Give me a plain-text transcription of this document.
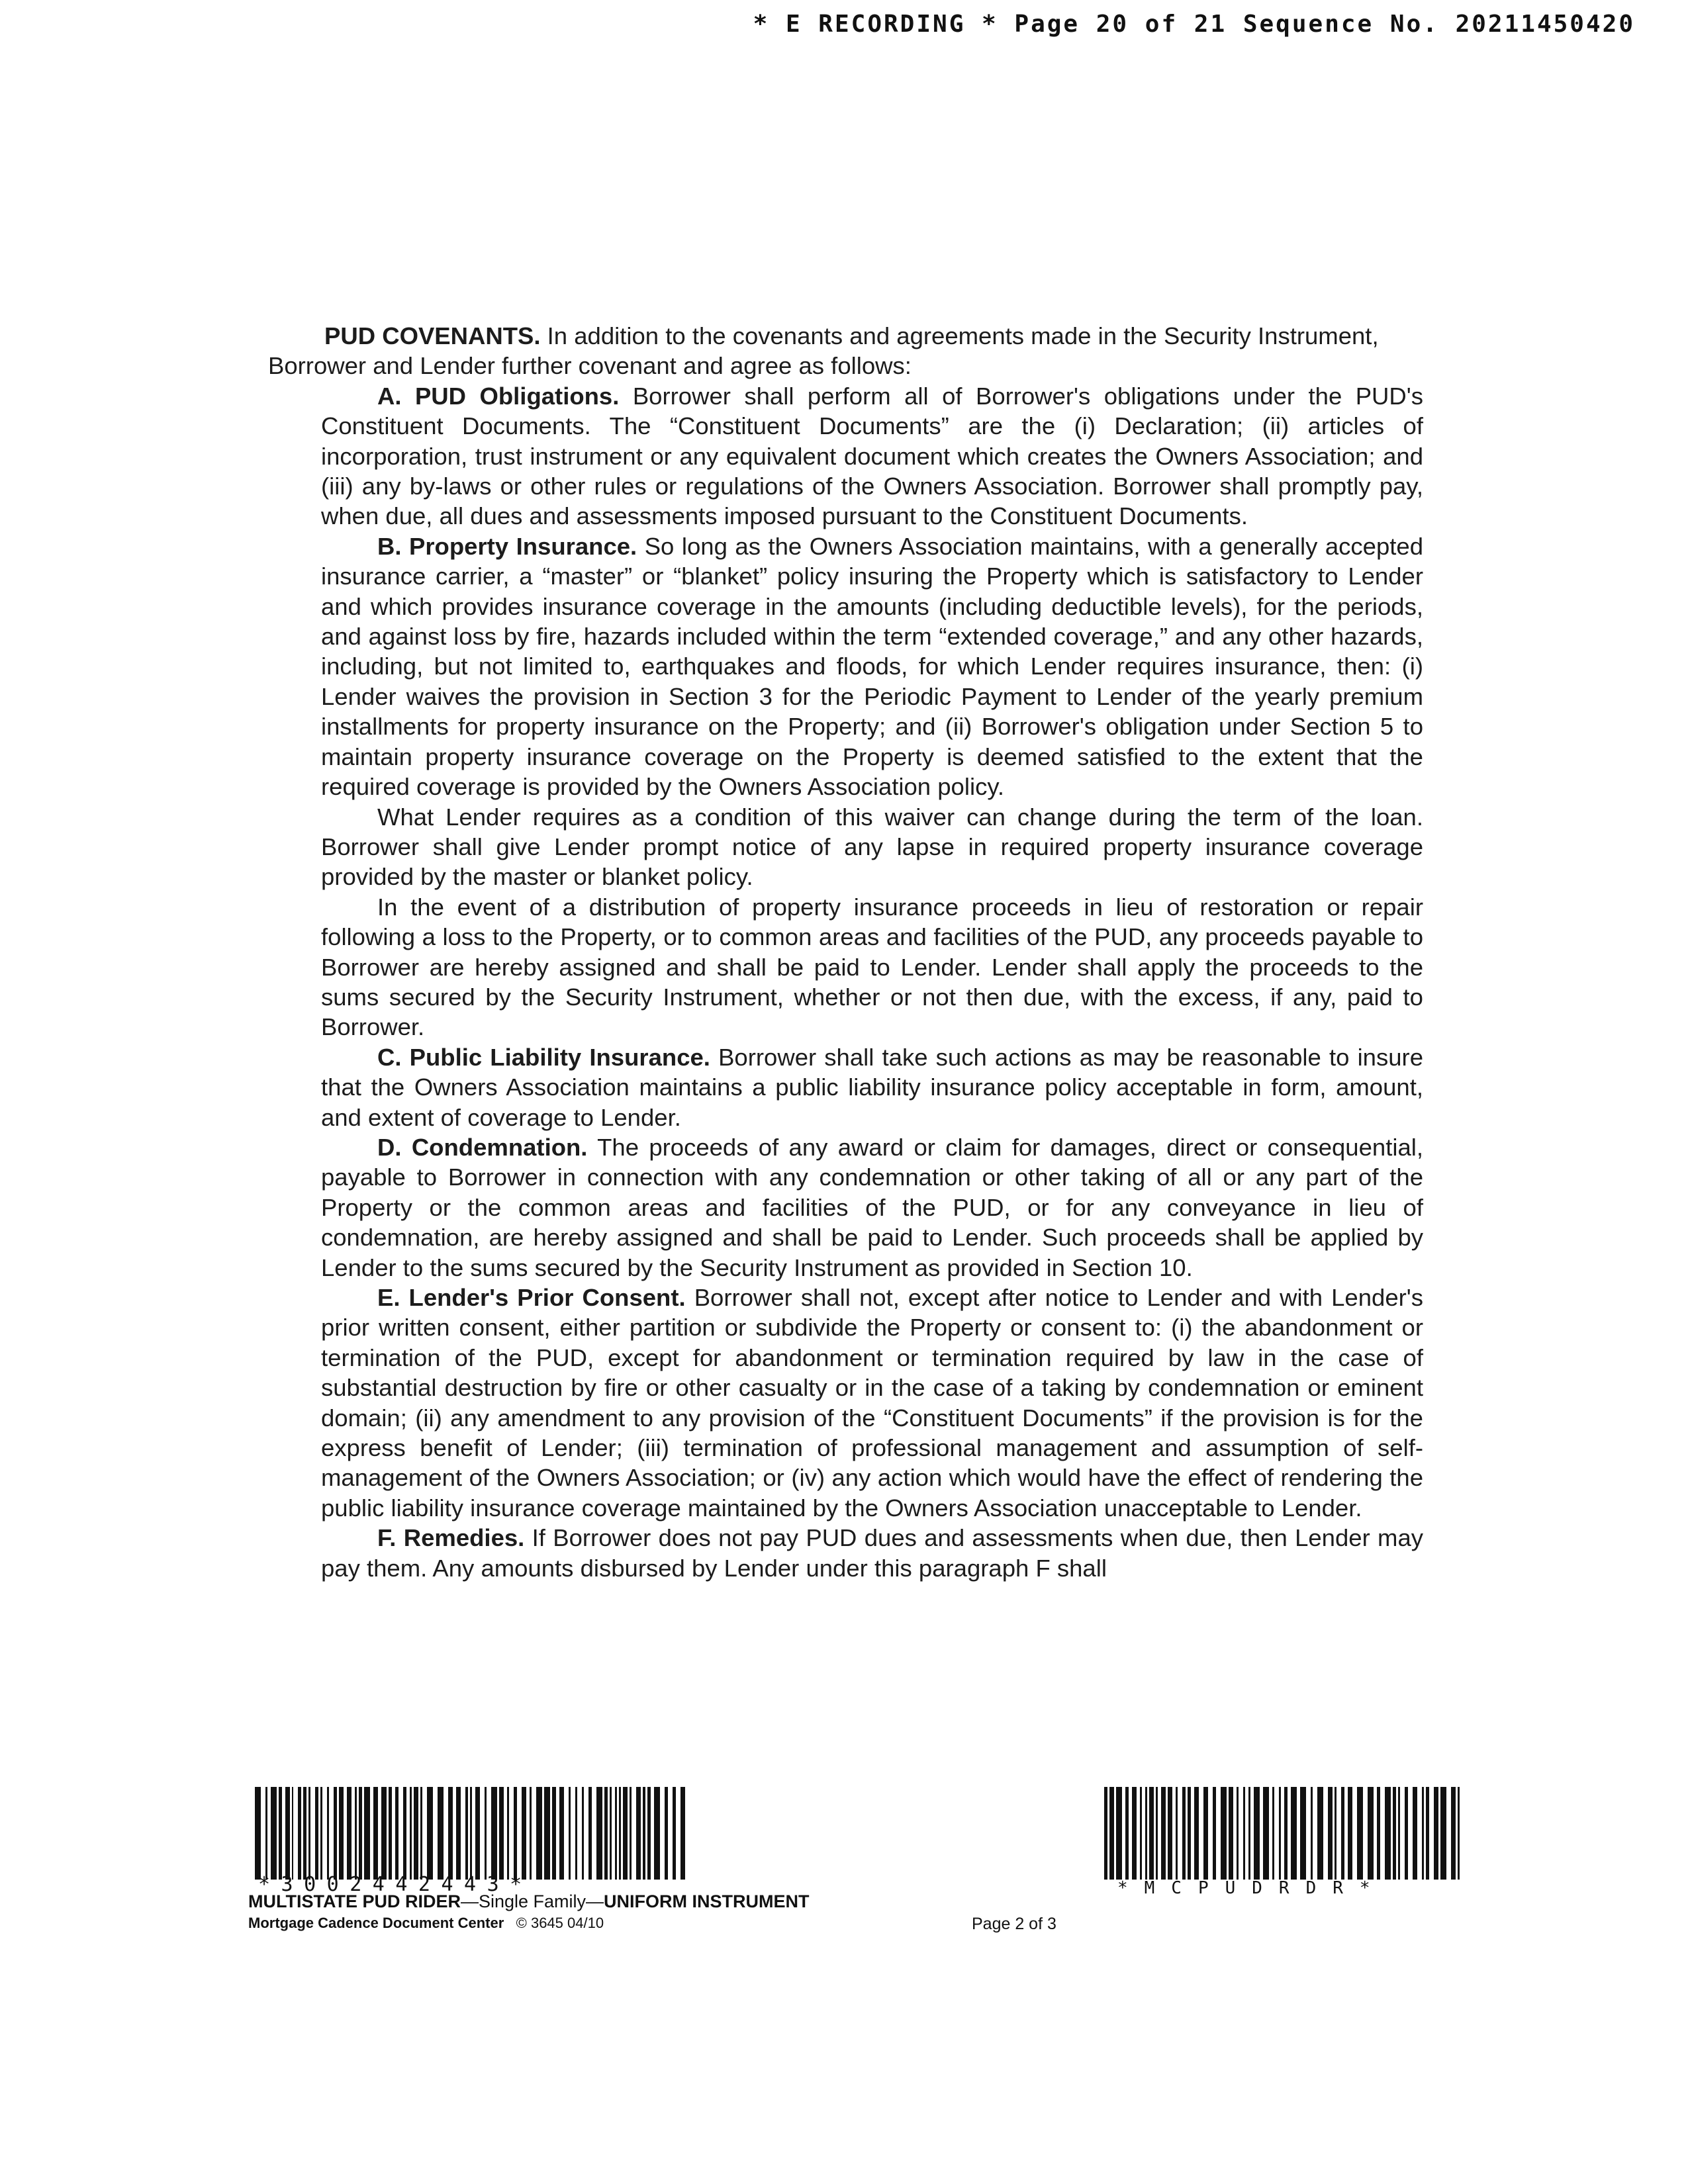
* E RECORDING * Page 20 of 21 Sequence No. 20211450420

PUD COVENANTS. In addition to the covenants and agreements made in the Security Instrument,

Borrower and Lender further covenant and agree as follows:

A. PUD Obligations. Borrower shall perform all of Borrower's obligations under the PUD's Constituent Documents. The “Constituent Documents” are the (i) Declaration; (ii) articles of incorporation, trust instrument or any equivalent document which creates the Owners Association; and (iii) any by-laws or other rules or regulations of the Owners Association. Borrower shall promptly pay, when due, all dues and assessments imposed pursuant to the Constituent Documents.

B. Property Insurance. So long as the Owners Association maintains, with a generally accepted insurance carrier, a “master” or “blanket” policy insuring the Property which is satisfactory to Lender and which provides insurance coverage in the amounts (including deductible levels), for the periods, and against loss by fire, hazards included within the term “extended coverage,” and any other hazards, including, but not limited to, earthquakes and floods, for which Lender requires insurance, then: (i) Lender waives the provision in Section 3 for the Periodic Payment to Lender of the yearly premium installments for property insurance on the Property; and (ii) Borrower's obligation under Section 5 to maintain property insurance coverage on the Property is deemed satisfied to the extent that the required coverage is provided by the Owners Association policy.

What Lender requires as a condition of this waiver can change during the term of the loan. Borrower shall give Lender prompt notice of any lapse in required property insurance coverage provided by the master or blanket policy.

In the event of a distribution of property insurance proceeds in lieu of restoration or repair following a loss to the Property, or to common areas and facilities of the PUD, any proceeds payable to Borrower are hereby assigned and shall be paid to Lender. Lender shall apply the proceeds to the sums secured by the Security Instrument, whether or not then due, with the excess, if any, paid to Borrower.

C. Public Liability Insurance. Borrower shall take such actions as may be reasonable to insure that the Owners Association maintains a public liability insurance policy acceptable in form, amount, and extent of coverage to Lender.

D. Condemnation. The proceeds of any award or claim for damages, direct or consequential, payable to Borrower in connection with any condemnation or other taking of all or any part of the Property or the common areas and facilities of the PUD, or for any conveyance in lieu of condemnation, are hereby assigned and shall be paid to Lender. Such proceeds shall be applied by Lender to the sums secured by the Security Instrument as provided in Section 10.

E. Lender's Prior Consent. Borrower shall not, except after notice to Lender and with Lender's prior written consent, either partition or subdivide the Property or consent to: (i) the abandonment or termination of the PUD, except for abandonment or termination required by law in the case of substantial destruction by fire or other casualty or in the case of a taking by condemnation or eminent domain; (ii) any amendment to any provision of the “Constituent Documents” if the provision is for the express benefit of Lender; (iii) termination of professional management and assumption of self-management of the Owners Association; or (iv) any action which would have the effect of rendering the public liability insurance coverage maintained by the Owners Association unacceptable to Lender.

F. Remedies. If Borrower does not pay PUD dues and assessments when due, then Lender may pay them. Any amounts disbursed by Lender under this paragraph F shall

*3002442443*	*MCPUDRDR*
MULTISTATE PUD RIDER—Single Family—UNIFORM INSTRUMENT
Mortgage Cadence Document Center © 3645 04/10	Page 2 of 3
